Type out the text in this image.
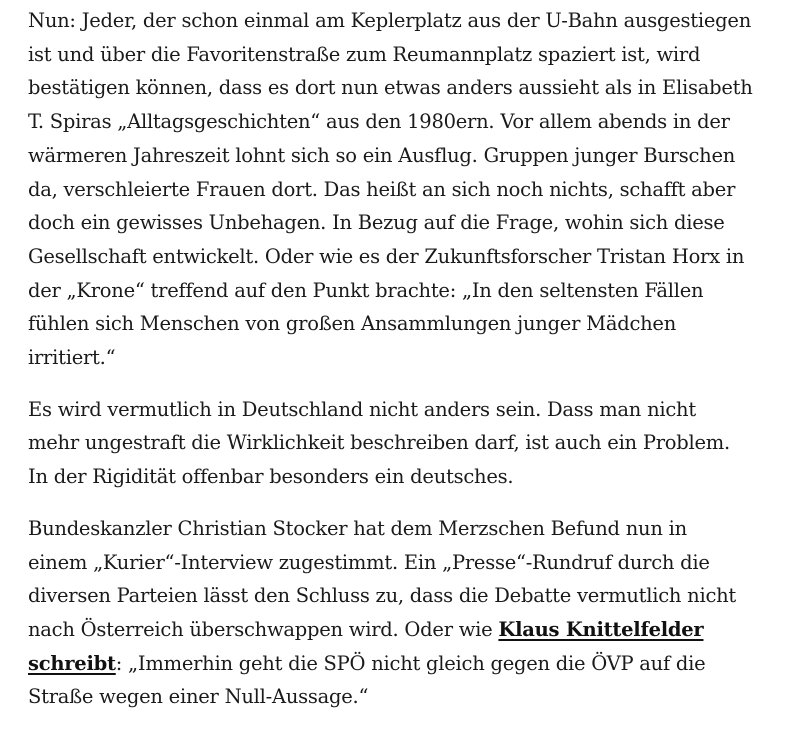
Nun: Jeder, der schon einmal am Keplerplatz aus der U-Bahn ausgestiegen
ist und über die Favoritenstraße zum Reumannplatz spaziert ist, wird
bestätigen können, dass es dort nun etwas anders aussieht als in Elisabeth
T. Spiras „Alltagsgeschichten“ aus den 1980ern. Vor allem abends in der
wärmeren Jahreszeit lohnt sich so ein Ausflug. Gruppen junger Burschen
da, verschleierte Frauen dort. Das heißt an sich noch nichts, schafft aber
doch ein gewisses Unbehagen. In Bezug auf die Frage, wohin sich diese
Gesellschaft entwickelt. Oder wie es der Zukunftsforscher Tristan Horx in
der „Krone“ treffend auf den Punkt brachte: „In den seltensten Fällen
fühlen sich Menschen von großen Ansammlungen junger Mädchen
irritiert.“

Es wird vermutlich in Deutschland nicht anders sein. Dass man nicht
mehr ungestraft die Wirklichkeit beschreiben darf, ist auch ein Problem.
In der Rigidität offenbar besonders ein deutsches.

Bundeskanzler Christian Stocker hat dem Merzschen Befund nun in
einem „Kurier“-Interview zugestimmt. Ein „Presse“-Rundruf durch die
diversen Parteien lässt den Schluss zu, dass die Debatte vermutlich nicht
nach Österreich überschwappen wird. Oder wie Klaus Knittelfelder
schreibt: „Immerhin geht die SPÖ nicht gleich gegen die ÖVP auf die
Straße wegen einer Null-Aussage.“
